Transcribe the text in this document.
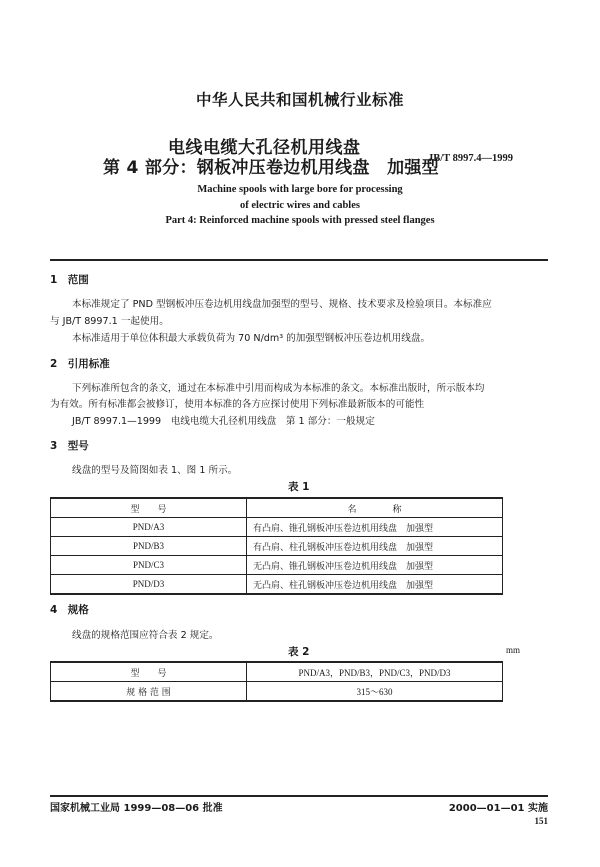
中华人民共和国机械行业标准
电线电缆大孔径机用线盘
第 4 部分：钢板冲压卷边机用线盘　加强型
JB/T 8997.4—1999
Machine spools with large bore for processing
of electric wires and cables
Part 4: Reinforced machine spools with pressed steel flanges
1　范围
本标准规定了 PND 型钢板冲压卷边机用线盘加强型的型号、规格、技术要求及检验项目。本标准应
与 JB/T 8997.1 一起使用。
本标准适用于单位体积最大承载负荷为 70 N/dm³ 的加强型钢板冲压卷边机用线盘。
2　引用标准
下列标准所包含的条文，通过在本标准中引用而构成为本标准的条文。本标准出版时，所示版本均
为有效。所有标准都会被修订，使用本标准的各方应探讨使用下列标准最新版本的可能性
JB/T 8997.1—1999　电线电缆大孔径机用线盘　第 1 部分：一般规定
3　型号
线盘的型号及简图如表 1、图 1 所示。
表 1
型　　号	名　　　　称
PND/A3	有凸肩、锥孔钢板冲压卷边机用线盘　加强型
PND/B3	有凸肩、柱孔钢板冲压卷边机用线盘　加强型
PND/C3	无凸肩、锥孔钢板冲压卷边机用线盘　加强型
PND/D3	无凸肩、柱孔钢板冲压卷边机用线盘　加强型
4　规格
线盘的规格范围应符合表 2 规定。
表 2	mm
型　　号	PND/A3，PND/B3，PND/C3，PND/D3
规 格 范 围	315～630
国家机械工业局 1999—08—06 批准	2000—01—01 实施
151
